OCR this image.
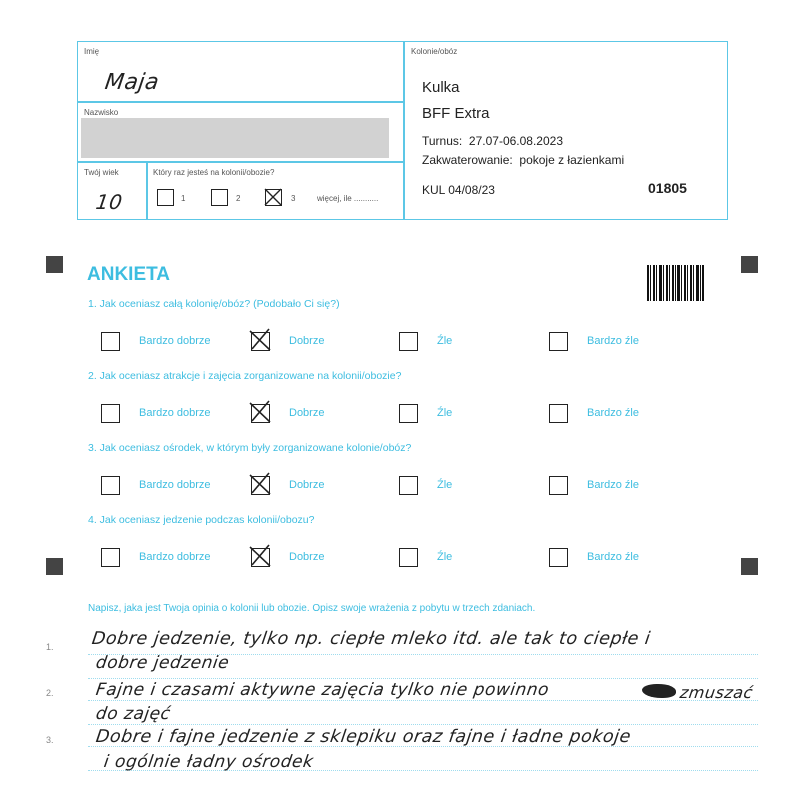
Imię
Maja
Nazwisko
Twój wiek
10
Który raz jesteś na kolonii/obozie?
1	2	3	więcej, ile ...........
Kolonie/obóz
Kulka
BFF Extra
Turnus: 27.07-06.08.2023
Zakwaterowanie: pokoje z łazienkami
KUL 04/08/23	01805
ANKIETA
1. Jak oceniasz całą kolonię/obóz? (Podobało Ci się?)
Bardzo dobrze	Dobrze	Źle	Bardzo źle
2. Jak oceniasz atrakcje i zajęcia zorganizowane na kolonii/obozie?
Bardzo dobrze	Dobrze	Źle	Bardzo źle
3. Jak oceniasz ośrodek, w którym były zorganizowane kolonie/obóz?
Bardzo dobrze	Dobrze	Źle	Bardzo źle
4. Jak oceniasz jedzenie podczas kolonii/obozu?
Bardzo dobrze	Dobrze	Źle	Bardzo źle
Napisz, jaka jest Twoja opinia o kolonii lub obozie. Opisz swoje wrażenia z pobytu w trzech zdaniach.
1.
2.
3.
Dobre jedzenie, tylko np. ciepłe mleko itd. ale tak to ciepłe i
dobre jedzenie
Fajne i czasami aktywne zajęcia tylko nie powinno	zmuszać
do zajęć
Dobre i fajne jedzenie z sklepiku oraz fajne i ładne pokoje
i ogólnie ładny ośrodek
